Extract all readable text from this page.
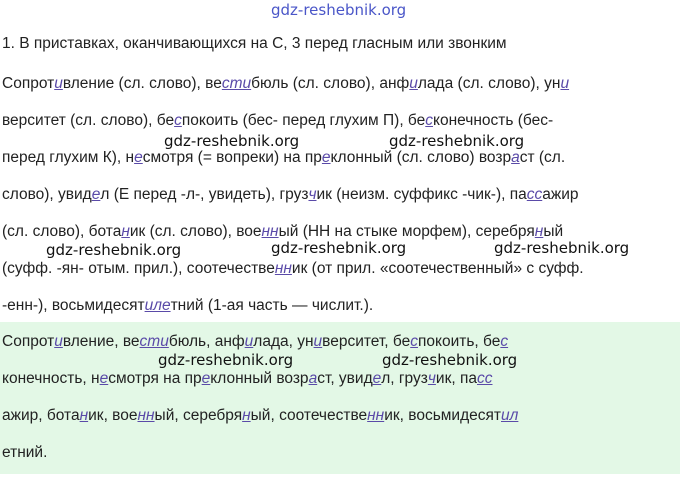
gdz-reshebnik.org
1. В приставках, оканчивающихся на С, 3 перед гласным или звонким
Сопротивление (сл. слово), вестибюль (сл. слово), анфилада (сл. слово), уни
верситет (сл. слово), беспокоить (бес- перед глухим П), бесконечность (бес-
перед глухим К), несмотря (= вопреки) на преклонный (сл. слово) возраст (сл.
слово), увидел (Е перед -л-, увидеть), грузчик (неизм. суффикс -чик-), пассажир
(сл. слово), ботаник (сл. слово), военный (НН на стыке морфем), серебряный
(суфф. -ян- отым. прил.), соотечественник (от прил. «соотечественный» с суфф.
-енн-), восьмидесятилетний (1-ая часть — числит.).
Сопротивление, вестибюль, анфилада, университет, беспокоить, бес
конечность, несмотря на преклонный возраст, увидел, грузчик, пасс
ажир, ботаник, военный, серебряный, соотечественник, восьмидесятил
етний.
gdz-reshebnik.org	gdz-reshebnik.org
gdz-reshebnik.org	gdz-reshebnik.org	gdz-reshebnik.org
gdz-reshebnik.org	gdz-reshebnik.org
